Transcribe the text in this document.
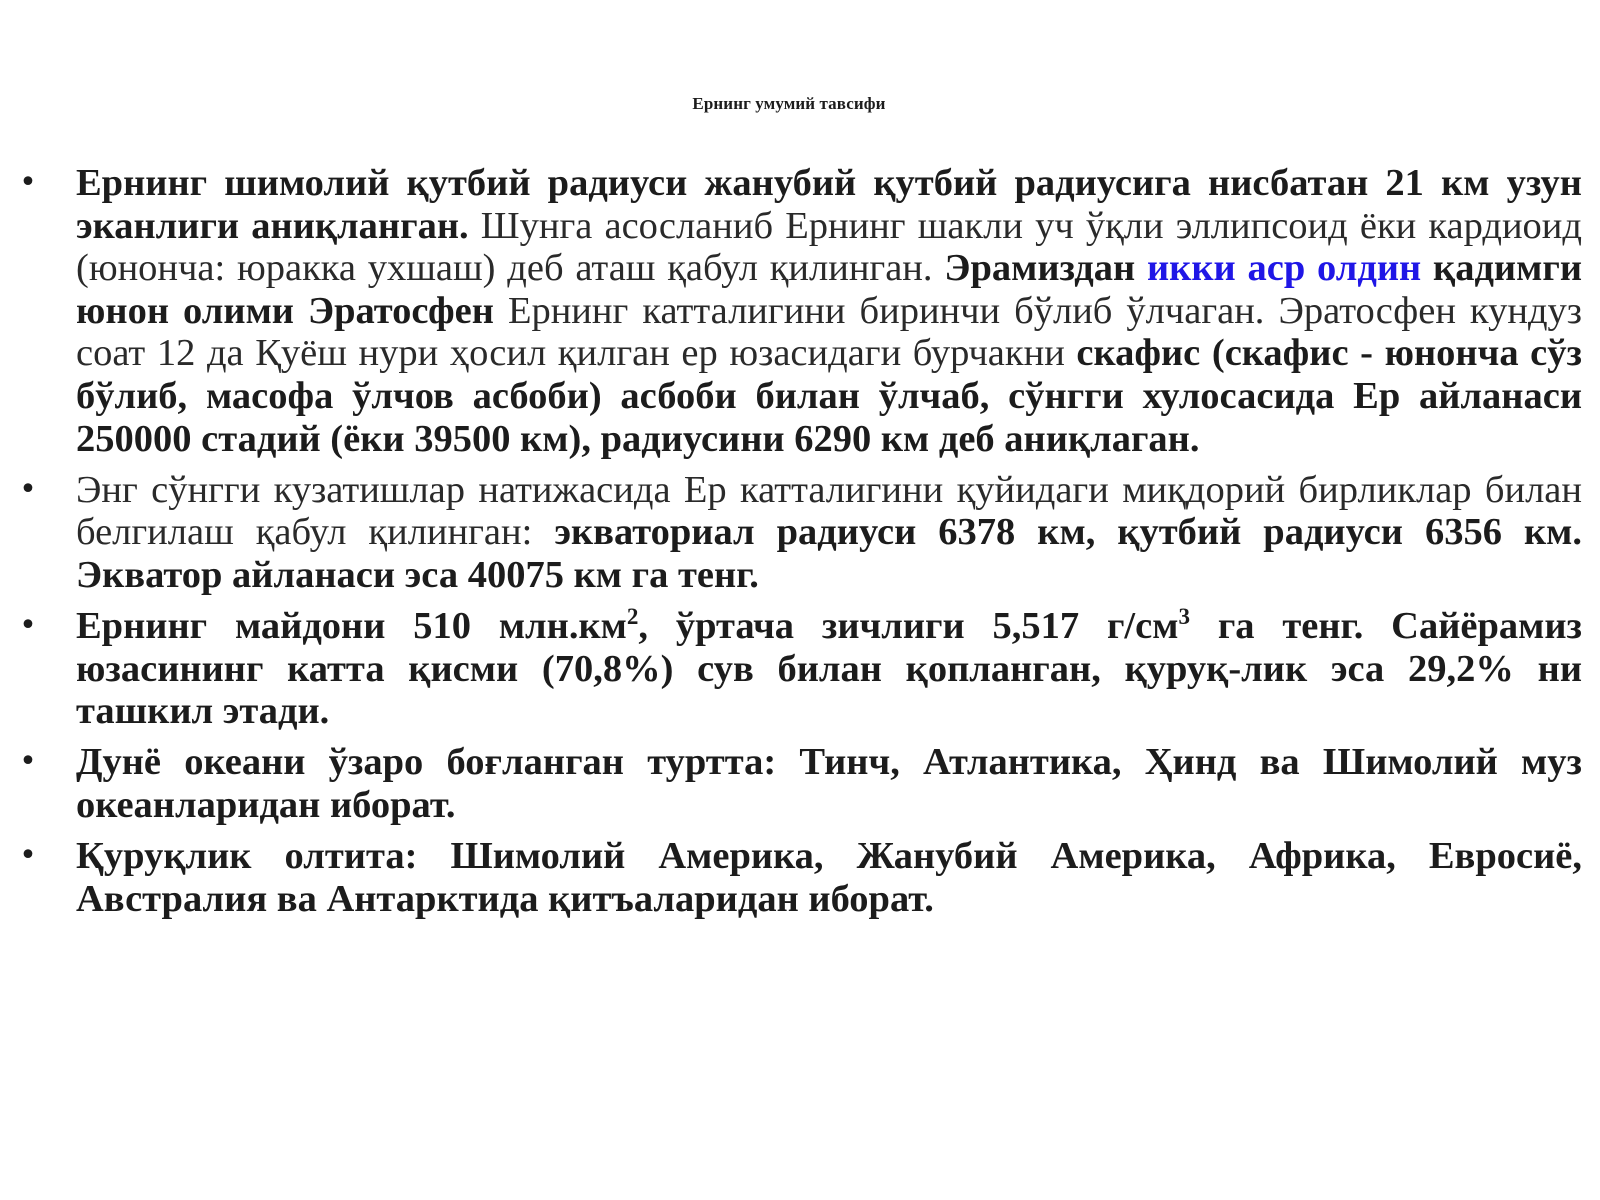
Ернинг умумий тавсифи
• Ернинг шимолий қутбий радиуси жанубий қутбий радиусига нисбатан 21 км узун эканлиги аниқланган. Шунга асосланиб Ернинг шакли уч ўқли эллипсоид ёки кардиоид (юнонча: юракка ухшаш) деб аташ қабул қилинган. Эрамиздан икки аср олдин қадимги юнон олими Эратосфен Ернинг катталигини биринчи бўлиб ўлчаган. Эратосфен кундуз соат 12 да Қуёш нури ҳосил қилган ер юзасидаги бурчакни скафис (скафис - юнонча сўз бўлиб, масофа ўлчов асбоби) асбоби билан ўлчаб, сўнгги хулосасида Ер айланаси 250000 стадий (ёки 39500 км), радиусини 6290 км деб аниқлаган.
• Энг сўнгги кузатишлар натижасида Ер катталигини қуйидаги миқдорий бирликлар билан белгилаш қабул қилинган: экваториал радиуси 6378 км, қутбий радиуси 6356 км. Экватор айланаси эса 40075 км га тенг.
• Ернинг майдони 510 $млн.км^2$, ўртача зичлиги 5,517 $г/см^3$ га тенг. Сайёрамиз юзасининг катта қисми (70,8%) сув билан қопланган, қуруқ-лик эса 29,2% ни ташкил этади.
• Дунё океани ўзаро боғланган туртта: Тинч, Атлантика, Ҳинд ва Шимолий муз океанларидан иборат.
• Қуруқлик олтита: Шимолий Америка, Жанубий Америка, Африка, Евросиё, Австралия ва Антарктида қитъаларидан иборат.
